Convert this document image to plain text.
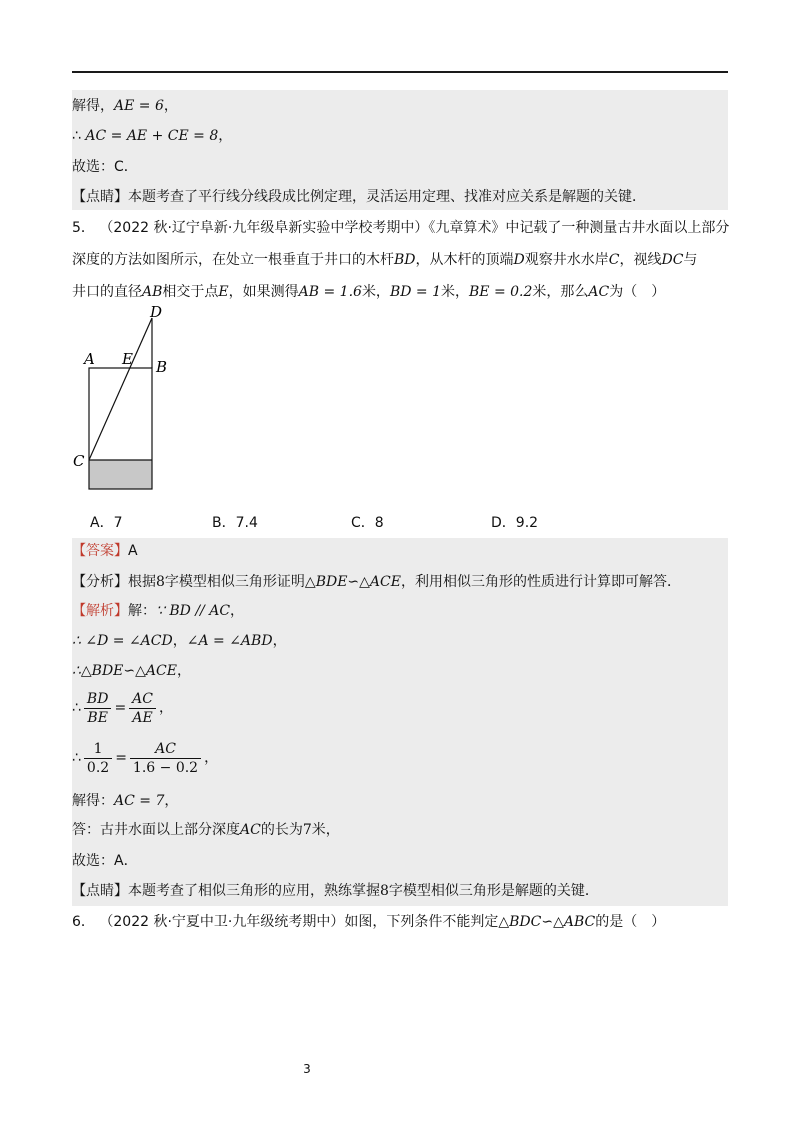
解得，AE = 6，
∴ AC = AE + CE = 8，
故选：C．
【点睛】本题考查了平行线分线段成比例定理，灵活运用定理、找准对应关系是解题的关键．
5． （2022 秋·辽宁阜新·九年级阜新实验中学校考期中）《九章算术》中记载了一种测量古井水面以上部分
深度的方法如图所示，在处立一根垂直于井口的木杆BD，从木杆的顶端D观察井水水岸C，视线DC与
井口的直径AB相交于点E，如果测得AB = 1.6米，BD = 1米，BE = 0.2米，那么AC为（　）
D
A E B
C
A．7	B．7.4	C．8	D．9.2
【答案】A
【分析】根据8字模型相似三角形证明△BDE∽△ACE，利用相似三角形的性质进行计算即可解答．
【解析】解：∵ BD // AC，
∴ ∠D = ∠ACD，∠A = ∠ABD，
∴△BDE∽△ACE，
∴ $\frac{BD}{BE} = \frac{AC}{AE}$ ，
∴ $\frac{1}{0.2} = \frac{AC}{1.6 - 0.2}$ ，
解得：AC = 7，
答：古井水面以上部分深度AC的长为7米，
故选：A．
【点睛】本题考查了相似三角形的应用，熟练掌握8字模型相似三角形是解题的关键．
6． （2022 秋·宁夏中卫·九年级统考期中）如图，下列条件不能判定△BDC∽△ABC的是（　）
3
